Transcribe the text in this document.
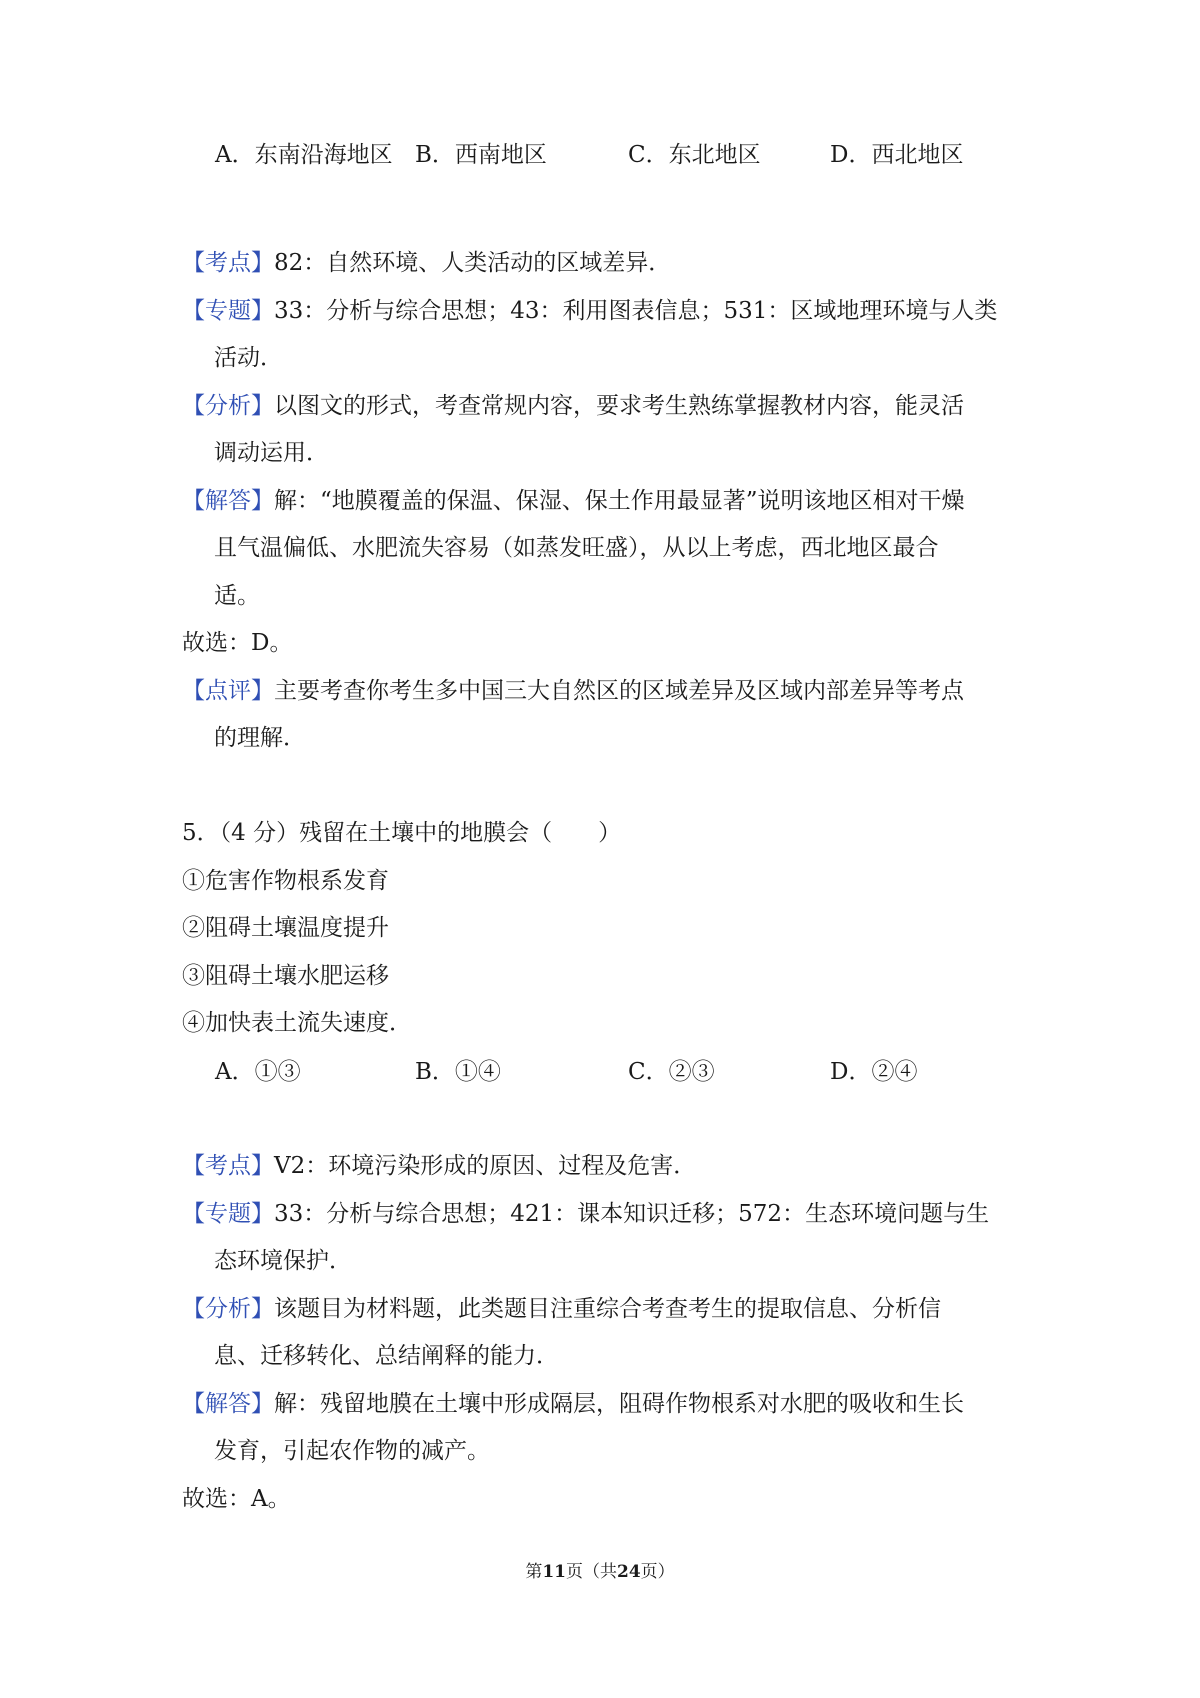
A．东南沿海地区 B．西南地区	C．东北地区	D．西北地区
【考点】82：自然环境、人类活动的区域差异．
【专题】33：分析与综合思想；43：利用图表信息；531：区域地理环境与人类
活动．
【分析】以图文的形式，考查常规内容，要求考生熟练掌握教材内容，能灵活
调动运用．
【解答】解：“地膜覆盖的保温、保湿、保土作用最显著”说明该地区相对干燥
且气温偏低、水肥流失容易（如蒸发旺盛），从以上考虑，西北地区最合
适。
故选：D。
【点评】主要考查你考生多中国三大自然区的区域差异及区域内部差异等考点
的理解．
5．（4 分）残留在土壤中的地膜会（　　）
①危害作物根系发育
②阻碍土壤温度提升
③阻碍土壤水肥运移
④加快表土流失速度．
A．①③	B．①④	C．②③	D．②④
【考点】V2：环境污染形成的原因、过程及危害．
【专题】33：分析与综合思想；421：课本知识迁移；572：生态环境问题与生
态环境保护．
【分析】该题目为材料题，此类题目注重综合考查考生的提取信息、分析信
息、迁移转化、总结阐释的能力．
【解答】解：残留地膜在土壤中形成隔层，阻碍作物根系对水肥的吸收和生长
发育，引起农作物的减产。
故选：A。
第11页（共24页）
